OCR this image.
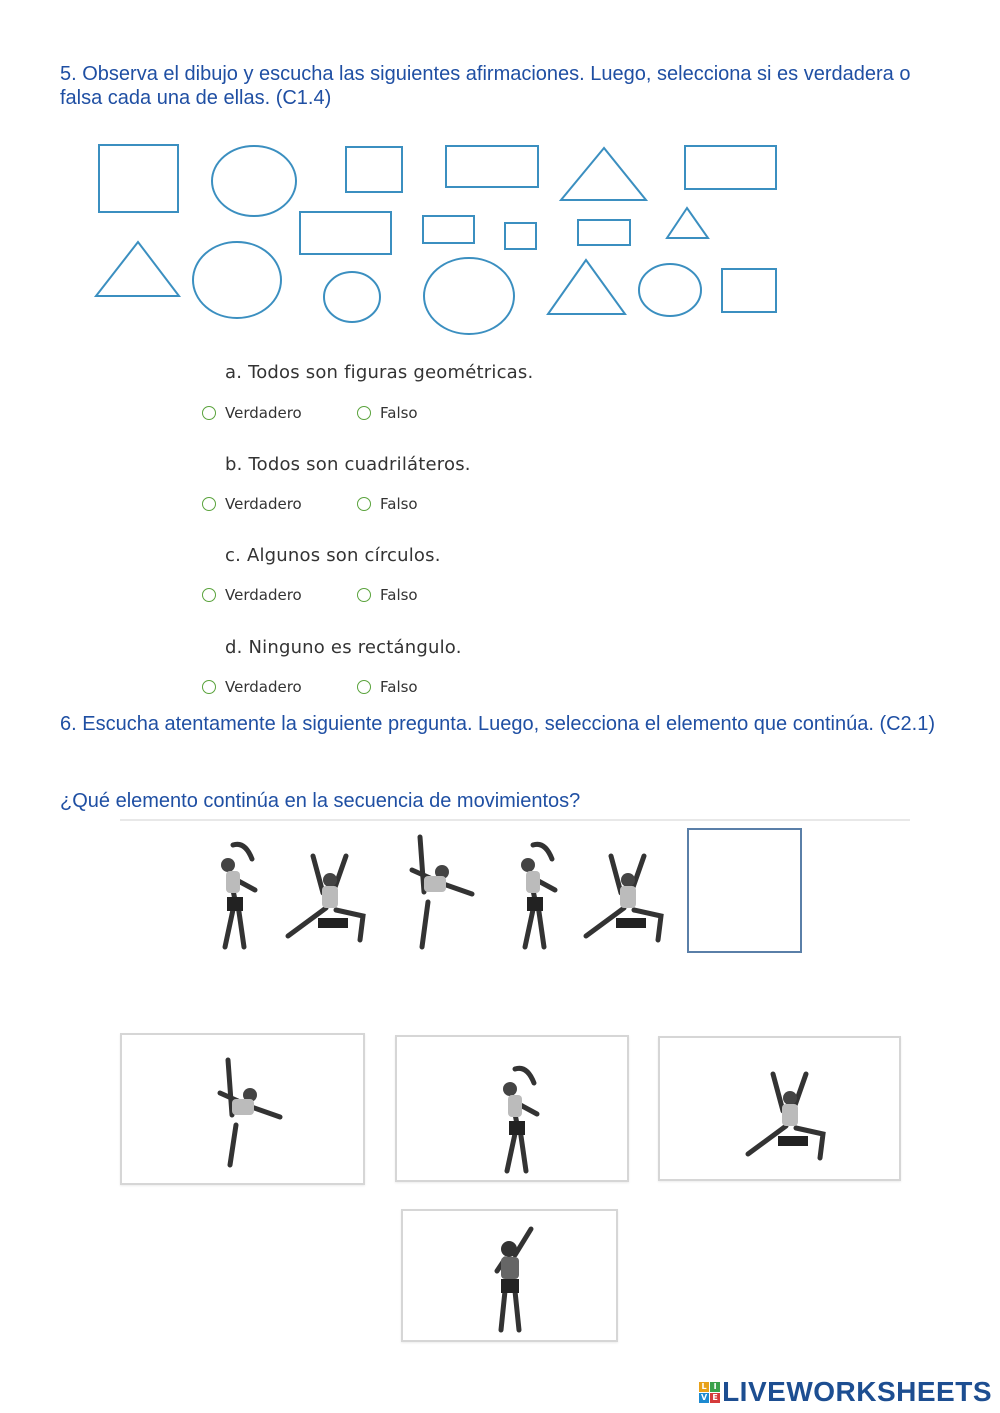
5. Observa el dibujo y escucha las siguientes afirmaciones. Luego, selecciona si es verdadera o falsa cada una de ellas. (C1.4)

a. Todos son figuras geométricas.
Verdadero	Falso
b. Todos son cuadriláteros.
Verdadero	Falso
c. Algunos son círculos.
Verdadero	Falso
d. Ninguno es rectángulo.
Verdadero	Falso

6. Escucha atentamente la siguiente pregunta. Luego, selecciona el elemento que continúa. (C2.1)

¿Qué elemento continúa en la secuencia de movimientos?

L I
V E LIVEWORKSHEETS
